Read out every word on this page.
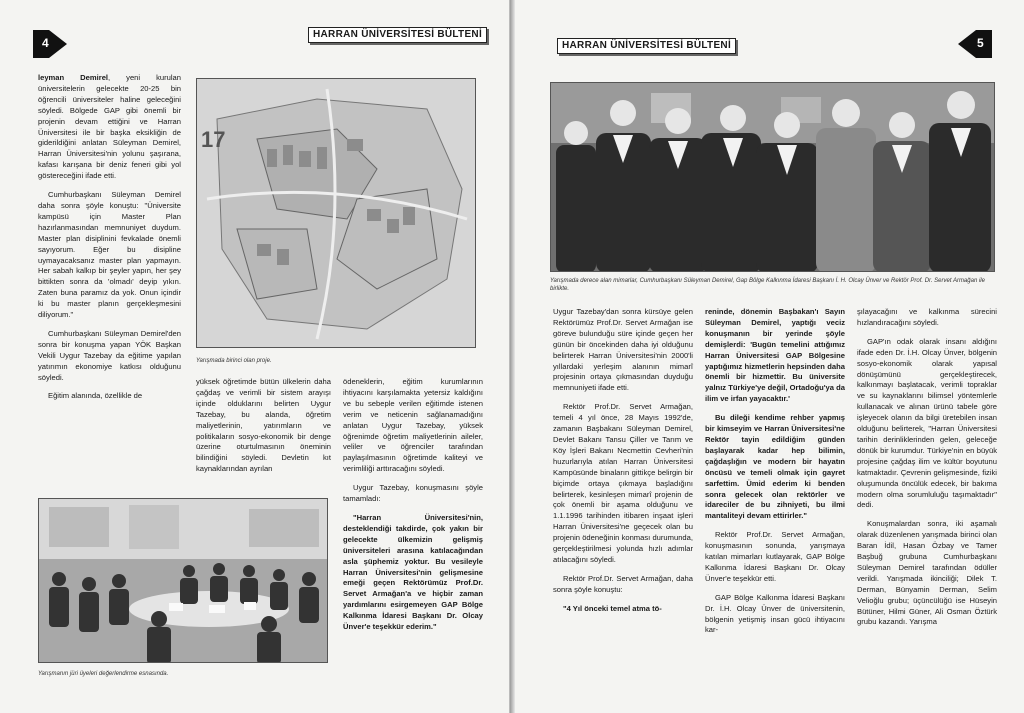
4
HARRAN ÜNİVERSİTESİ BÜLTENİ

leyman Demirel, yeni kurulan üniversitelerin gelecekte 20-25 bin öğrencili üniversiteler haline geleceğini söyledi. Bölgede GAP gibi önemli bir projenin devam ettiğini ve Harran Üniversitesi ile bir başka eksikliğin de giderildiğini anlatan Süleyman Demirel, Harran Üniversitesi'nin yolunu şaşırana, kafası karışana bir deniz feneri gibi yol göstereceğini ifade etti.

Cumhurbaşkanı Süleyman Demirel daha sonra şöyle konuştu: "Üniversite kampüsü için Master Plan hazırlanmasından memnuniyet duydum. Master plan disiplinini fevkalade önemli sayıyorum. Eğer bu disipline uymayacaksanız master plan yapmayın. Her sabah kalkıp bir şeyler yapın, her şey bittikten sonra da 'olmadı' deyip yıkın. Zaten buna paramız da yok. Onun içindir ki bu master planın gerçekleşmesini diliyorum."

Cumhurbaşkanı Süleyman Demirel'den sonra bir konuşma yapan YÖK Başkan Vekili Uygur Tazebay da eğitime yapılan yatırımın ekonomiye katkısı olduğunu söyledi.

Eğitim alanında, özellikle de

17
Yarışmada birinci olan proje.

yüksek öğretimde bütün ülkelerin daha çağdaş ve verimli bir sistem arayışı içinde olduklarını belirten Uygur Tazebay, bu alanda, öğretim maliyetlerinin, yatırımların ve politikaların sosyo-ekonomik bir denge üzerine oturtulmasının öneminin bilindiğini söyledi. Devletin kıt kaynaklarından ayrılan

ödeneklerin, eğitim kurumlarının ihtiyacını karşılamakta yetersiz kaldığını ve bu sebeple verilen eğitimde istenen verim ve neticenin sağlanamadığını anlatan Uygur Tazebay, yüksek öğrenimde öğretim maliyetlerinin aileler, veliler ve öğrenciler tarafından paylaşılmasının öğretimde kaliteyi ve verimliliği arttıracağını söyledi.

Uygur Tazebay, konuşmasını şöyle tamamladı:

"Harran Üniversitesi'nin, desteklendiği takdirde, çok yakın bir gelecekte ülkemizin gelişmiş üniversiteleri arasına katılacağından asla şüphemiz yoktur. Bu vesileyle Harran Üniversitesi'nin gelişmesine emeği geçen Rektörümüz Prof.Dr. Servet Armağan'a ve hiçbir zaman yardımlarını esirgemeyen GAP Bölge Kalkınma İdaresi Başkanı Dr. Olcay Ünver'e teşekkür ederim."

Yarışmanın jüri üyeleri değerlendirme esnasında.
HARRAN ÜNİVERSİTESİ BÜLTENİ	5
Yarışmada derece alan mimarlar, Cumhurbaşkanı Süleyman Demirel, Gap Bölge Kalkınma İdaresi Başkanı İ. H. Olcay Ünver ve Rektör Prof. Dr. Servet Armağan ile birlikte.

Uygur Tazebay'dan sonra kürsüye gelen Rektörümüz Prof.Dr. Servet Armağan ise göreve bulunduğu süre içinde geçen her günün bir öncekinden daha iyi olduğunu belirterek Harran Üniversitesi'nin 2000'li yıllardaki yerleşim alanının mimarî projesinin ortaya çıkmasından duyduğu memnuniyeti ifade etti.

Rektör Prof.Dr. Servet Armağan, temeli 4 yıl önce, 28 Mayıs 1992'de, zamanın Başbakanı Süleyman Demirel, Devlet Bakanı Tansu Çiller ve Tarım ve Köy İşleri Bakanı Necmettin Cevheri'nin huzurlarıyla atılan Harran Üniversitesi Kampüsünde binaların gittikçe belirgin bir biçimde ortaya çıkmaya başladığını belirterek, kesinleşen mimarî projenin de çok önemli bir aşama olduğunu ve 1.1.1996 tarihinden itibaren inşaat işleri Harran Üniversitesi'ne geçecek olan bu projenin ödeneğinin konması durumunda, gerçekleştirilmesi yolunda hızlı adımlar atılacağını söyledi.

Rektör Prof.Dr. Servet Armağan, daha sonra şöyle konuştu:

"4 Yıl önceki temel atma tö-

reninde, dönemin Başbakan'ı Sayın Süleyman Demirel, yaptığı veciz konuşmanın bir yerinde şöyle demişlerdi: 'Bugün temelini attığımız Harran Üniversitesi GAP Bölgesine yaptığımız hizmetlerin hepsinden daha önemli bir hizmettir. Bu üniversite yalnız Türkiye'ye değil, Ortadoğu'ya da ilim ve irfan yayacaktır.'

Bu dileği kendime rehber yapmış bir kimseyim ve Harran Üniversitesi'ne Rektör tayin edildiğim günden başlayarak kadar hep bilimin, çağdaşlığın ve modern bir hayatın öncüsü ve temeli olmak için gayret sarfettim. Ümid ederim ki benden sonra gelecek olan rektörler ve idareciler de bu zihniyeti, bu ilmi mantaliteyi devam ettirirler."

Rektör Prof.Dr. Servet Armağan, konuşmasının sonunda, yarışmaya katılan mimarları kutlayarak, GAP Bölge Kalkınma İdaresi Başkanı Dr. Olcay Ünver'e teşekkür etti.

GAP Bölge Kalkınma İdaresi Başkanı Dr. İ.H. Olcay Ünver de üniversitenin, bölgenin yetişmiş insan gücü ihtiyacını kar-

şılayacağını ve kalkınma sürecini hızlandıracağını söyledi.

GAP'ın odak olarak insanı aldığını ifade eden Dr. İ.H. Olcay Ünver, bölgenin sosyo-ekonomik olarak yapısal dönüşümünü gerçekleştirecek, kalkınmayı başlatacak, verimli topraklar ve su kaynaklarını bilimsel yöntemlerle kullanacak ve alınan ürünü tabele göre işleyecek olanın da bilgi üretebilen insan olduğunu belirterek, "Harran Üniversitesi tarihin derinliklerinden gelen, geleceğe dönük bir kurumdur. Türkiye'nin en büyük projesine çağdaş ilim ve kültür boyutunu katmaktadır. Çevrenin gelişmesinde, fiziki oluşumunda öncülük edecek, bir bakıma modern olma sorumluluğu taşımaktadır" dedi.

Konuşmalardan sonra, iki aşamalı olarak düzenlenen yarışmada birinci olan Baran İdil, Hasan Özbay ve Tamer Başbuğ grubuna Cumhurbaşkanı Süleyman Demirel tarafından ödüller verildi. Yarışmada ikinciliği; Dilek T. Derman, Bünyamin Derman, Selim Velioğlu grubu; üçüncülüğü ise Hüseyin Bütüner, Hilmi Güner, Ali Osman Öztürk grubu kazandı. Yarışma
